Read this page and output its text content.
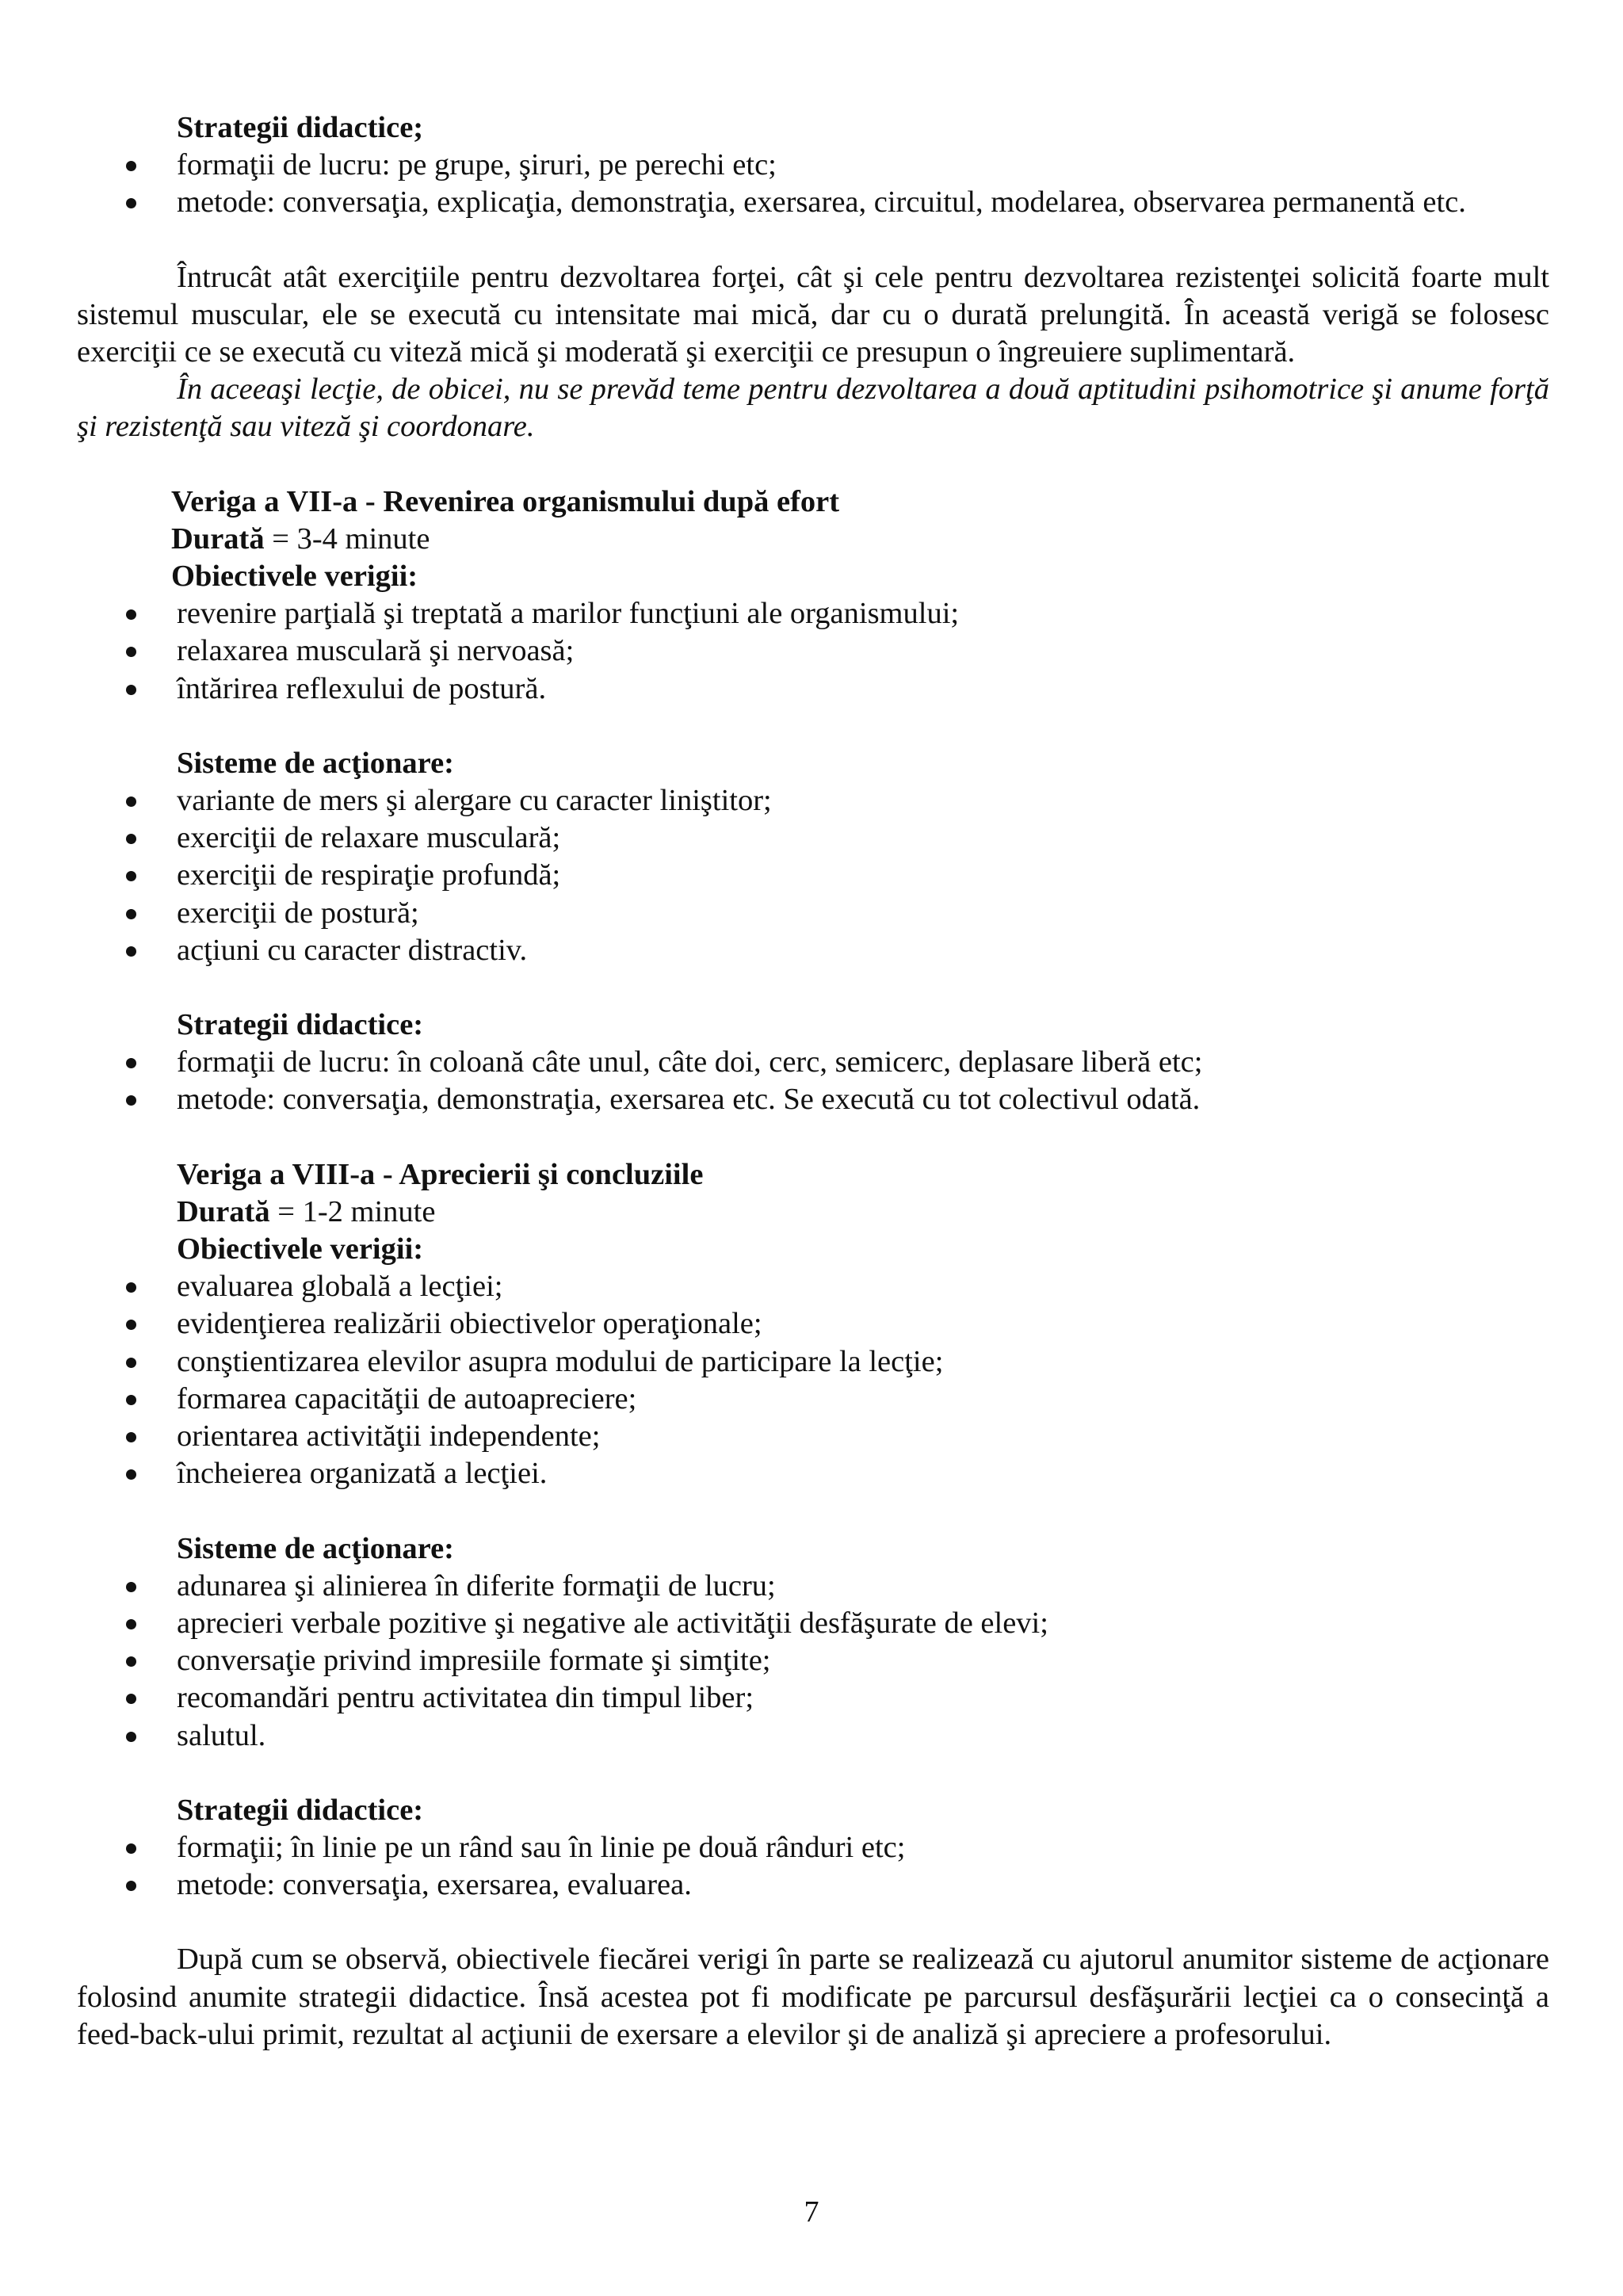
Strategii didactice;

formaţii de lucru: pe grupe, şiruri, pe perechi etc;
metode: conversaţia, explicaţia, demonstraţia, exersarea, circuitul, modelarea, observarea permanentă etc.

Întrucât atât exerciţiile pentru dezvoltarea forţei, cât şi cele pentru dezvoltarea rezistenţei solicită foarte mult sistemul muscular, ele se execută cu intensitate mai mică, dar cu o durată prelungită. În această verigă se folosesc exerciţii ce se execută cu viteză mică şi moderată şi exerciţii ce presupun o îngreuiere suplimentară.

În aceeaşi lecţie, de obicei, nu se prevăd teme pentru dezvoltarea a două aptitudini psihomotrice şi anume forţă şi rezistenţă sau viteză şi coordonare.

Veriga a VII-a - Revenirea organismului după efort

Durată = 3-4 minute

Obiectivele verigii:

revenire parţială şi treptată a marilor funcţiuni ale organismului;
relaxarea musculară şi nervoasă;
întărirea reflexului de postură.

Sisteme de acţionare:

variante de mers şi alergare cu caracter liniştitor;
exerciţii de relaxare musculară;
exerciţii de respiraţie profundă;
exerciţii de postură;
acţiuni cu caracter distractiv.

Strategii didactice:

formaţii de lucru: în coloană câte unul, câte doi, cerc, semicerc, deplasare liberă etc;
metode: conversaţia, demonstraţia, exersarea etc. Se execută cu tot colectivul odată.

Veriga a VIII-a - Aprecierii şi concluziile

Durată = 1-2 minute

Obiectivele verigii:

evaluarea globală a lecţiei;
evidenţierea realizării obiectivelor operaţionale;
conştientizarea elevilor asupra modului de participare la lecţie;
formarea capacităţii de autoapreciere;
orientarea activităţii independente;
încheierea organizată a lecţiei.

Sisteme de acţionare:

adunarea şi alinierea în diferite formaţii de lucru;
aprecieri verbale pozitive şi negative ale activităţii desfăşurate de elevi;
conversaţie privind impresiile formate şi simţite;
recomandări pentru activitatea din timpul liber;
salutul.

Strategii didactice:

formaţii; în linie pe un rând sau în linie pe două rânduri etc;
metode: conversaţia, exersarea, evaluarea.

După cum se observă, obiectivele fiecărei verigi în parte se realizează cu ajutorul anumitor sisteme de acţionare folosind anumite strategii didactice. Însă acestea pot fi modificate pe parcursul desfăşurării lecţiei ca o consecinţă a feed-back-ului primit, rezultat al acţiunii de exersare a elevilor şi de analiză şi apreciere a profesorului.

7
